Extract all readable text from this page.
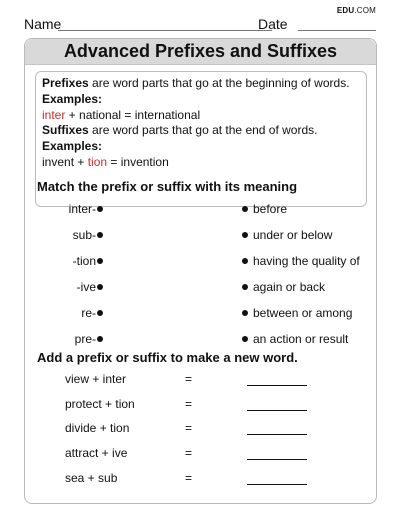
Name	Date
EDU.COM
Advanced Prefixes and Suffixes
Prefixes are word parts that go at the beginning of words.
Examples:
inter + national = international
Suffixes are word parts that go at the end of words.
Examples:
invent + tion = invention
Match the prefix or suffix with its meaning
inter-	before
sub-	under or below
-tion	having the quality of
-ive	again or back
re-	between or among
pre-	an action or result
Add a prefix or suffix to make a new word.
view + inter	=
protect + tion	=
divide + tion	=
attract + ive	=
sea + sub	=
